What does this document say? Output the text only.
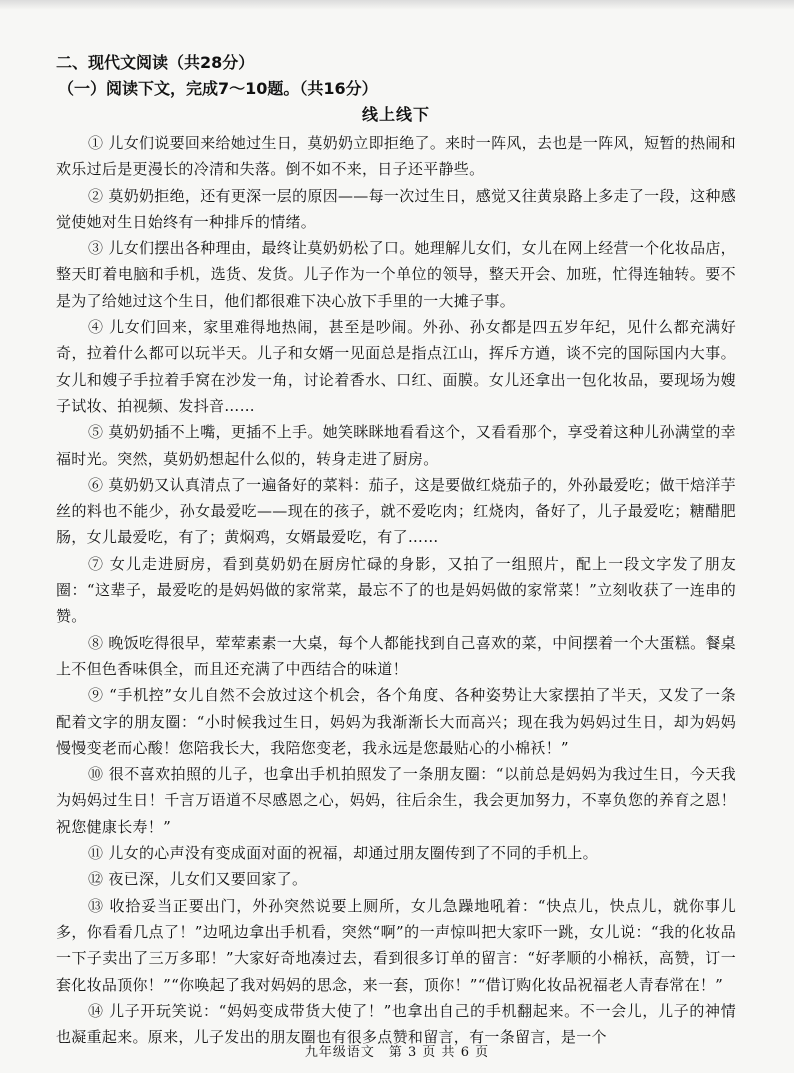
二、现代文阅读（共28分）

（一）阅读下文，完成7～10题。（共16分）

线上线下

① 儿女们说要回来给她过生日，莫奶奶立即拒绝了。来时一阵风，去也是一阵风，短暂的热闹和欢乐过后是更漫长的冷清和失落。倒不如不来，日子还平静些。

② 莫奶奶拒绝，还有更深一层的原因——每一次过生日，感觉又往黄泉路上多走了一段，这种感觉使她对生日始终有一种排斥的情绪。

③ 儿女们摆出各种理由，最终让莫奶奶松了口。她理解儿女们，女儿在网上经营一个化妆品店，整天盯着电脑和手机，选货、发货。儿子作为一个单位的领导，整天开会、加班，忙得连轴转。要不是为了给她过这个生日，他们都很难下决心放下手里的一大摊子事。

④ 儿女们回来，家里难得地热闹，甚至是吵闹。外孙、孙女都是四五岁年纪，见什么都充满好奇，拉着什么都可以玩半天。儿子和女婿一见面总是指点江山，挥斥方遒，谈不完的国际国内大事。女儿和嫂子手拉着手窝在沙发一角，讨论着香水、口红、面膜。女儿还拿出一包化妆品，要现场为嫂子试妆、拍视频、发抖音……

⑤ 莫奶奶插不上嘴，更插不上手。她笑眯眯地看看这个，又看看那个，享受着这种儿孙满堂的幸福时光。突然，莫奶奶想起什么似的，转身走进了厨房。

⑥ 莫奶奶又认真清点了一遍备好的菜料：茄子，这是要做红烧茄子的，外孙最爱吃；做干焙洋芋丝的料也不能少，孙女最爱吃——现在的孩子，就不爱吃肉；红烧肉，备好了，儿子最爱吃；糖醋肥肠，女儿最爱吃，有了；黄焖鸡，女婿最爱吃，有了……

⑦ 女儿走进厨房，看到莫奶奶在厨房忙碌的身影，又拍了一组照片，配上一段文字发了朋友圈：“这辈子，最爱吃的是妈妈做的家常菜，最忘不了的也是妈妈做的家常菜！”立刻收获了一连串的赞。

⑧ 晚饭吃得很早，荤荤素素一大桌，每个人都能找到自己喜欢的菜，中间摆着一个大蛋糕。餐桌上不但色香味俱全，而且还充满了中西结合的味道！

⑨ “手机控”女儿自然不会放过这个机会，各个角度、各种姿势让大家摆拍了半天，又发了一条配着文字的朋友圈：“小时候我过生日，妈妈为我渐渐长大而高兴；现在我为妈妈过生日，却为妈妈慢慢变老而心酸！您陪我长大，我陪您变老，我永远是您最贴心的小棉袄！”

⑩ 很不喜欢拍照的儿子，也拿出手机拍照发了一条朋友圈：“以前总是妈妈为我过生日，今天我为妈妈过生日！千言万语道不尽感恩之心，妈妈，往后余生，我会更加努力，不辜负您的养育之恩！祝您健康长寿！”

⑪ 儿女的心声没有变成面对面的祝福，却通过朋友圈传到了不同的手机上。

⑫ 夜已深，儿女们又要回家了。

⑬ 收拾妥当正要出门，外孙突然说要上厕所，女儿急躁地吼着：“快点儿，快点儿，就你事儿多，你看看几点了！”边吼边拿出手机看，突然“啊”的一声惊叫把大家吓一跳，女儿说：“我的化妆品一下子卖出了三万多耶！”大家好奇地凑过去，看到很多订单的留言：“好孝顺的小棉袄，高赞，订一套化妆品顶你！”“你唤起了我对妈妈的思念，来一套，顶你！”“借订购化妆品祝福老人青春常在！”

⑭ 儿子开玩笑说：“妈妈变成带货大使了！”也拿出自己的手机翻起来。不一会儿，儿子的神情也凝重起来。原来，儿子发出的朋友圈也有很多点赞和留言，有一条留言，是一个

九年级语文　第 3 页 共 6 页
